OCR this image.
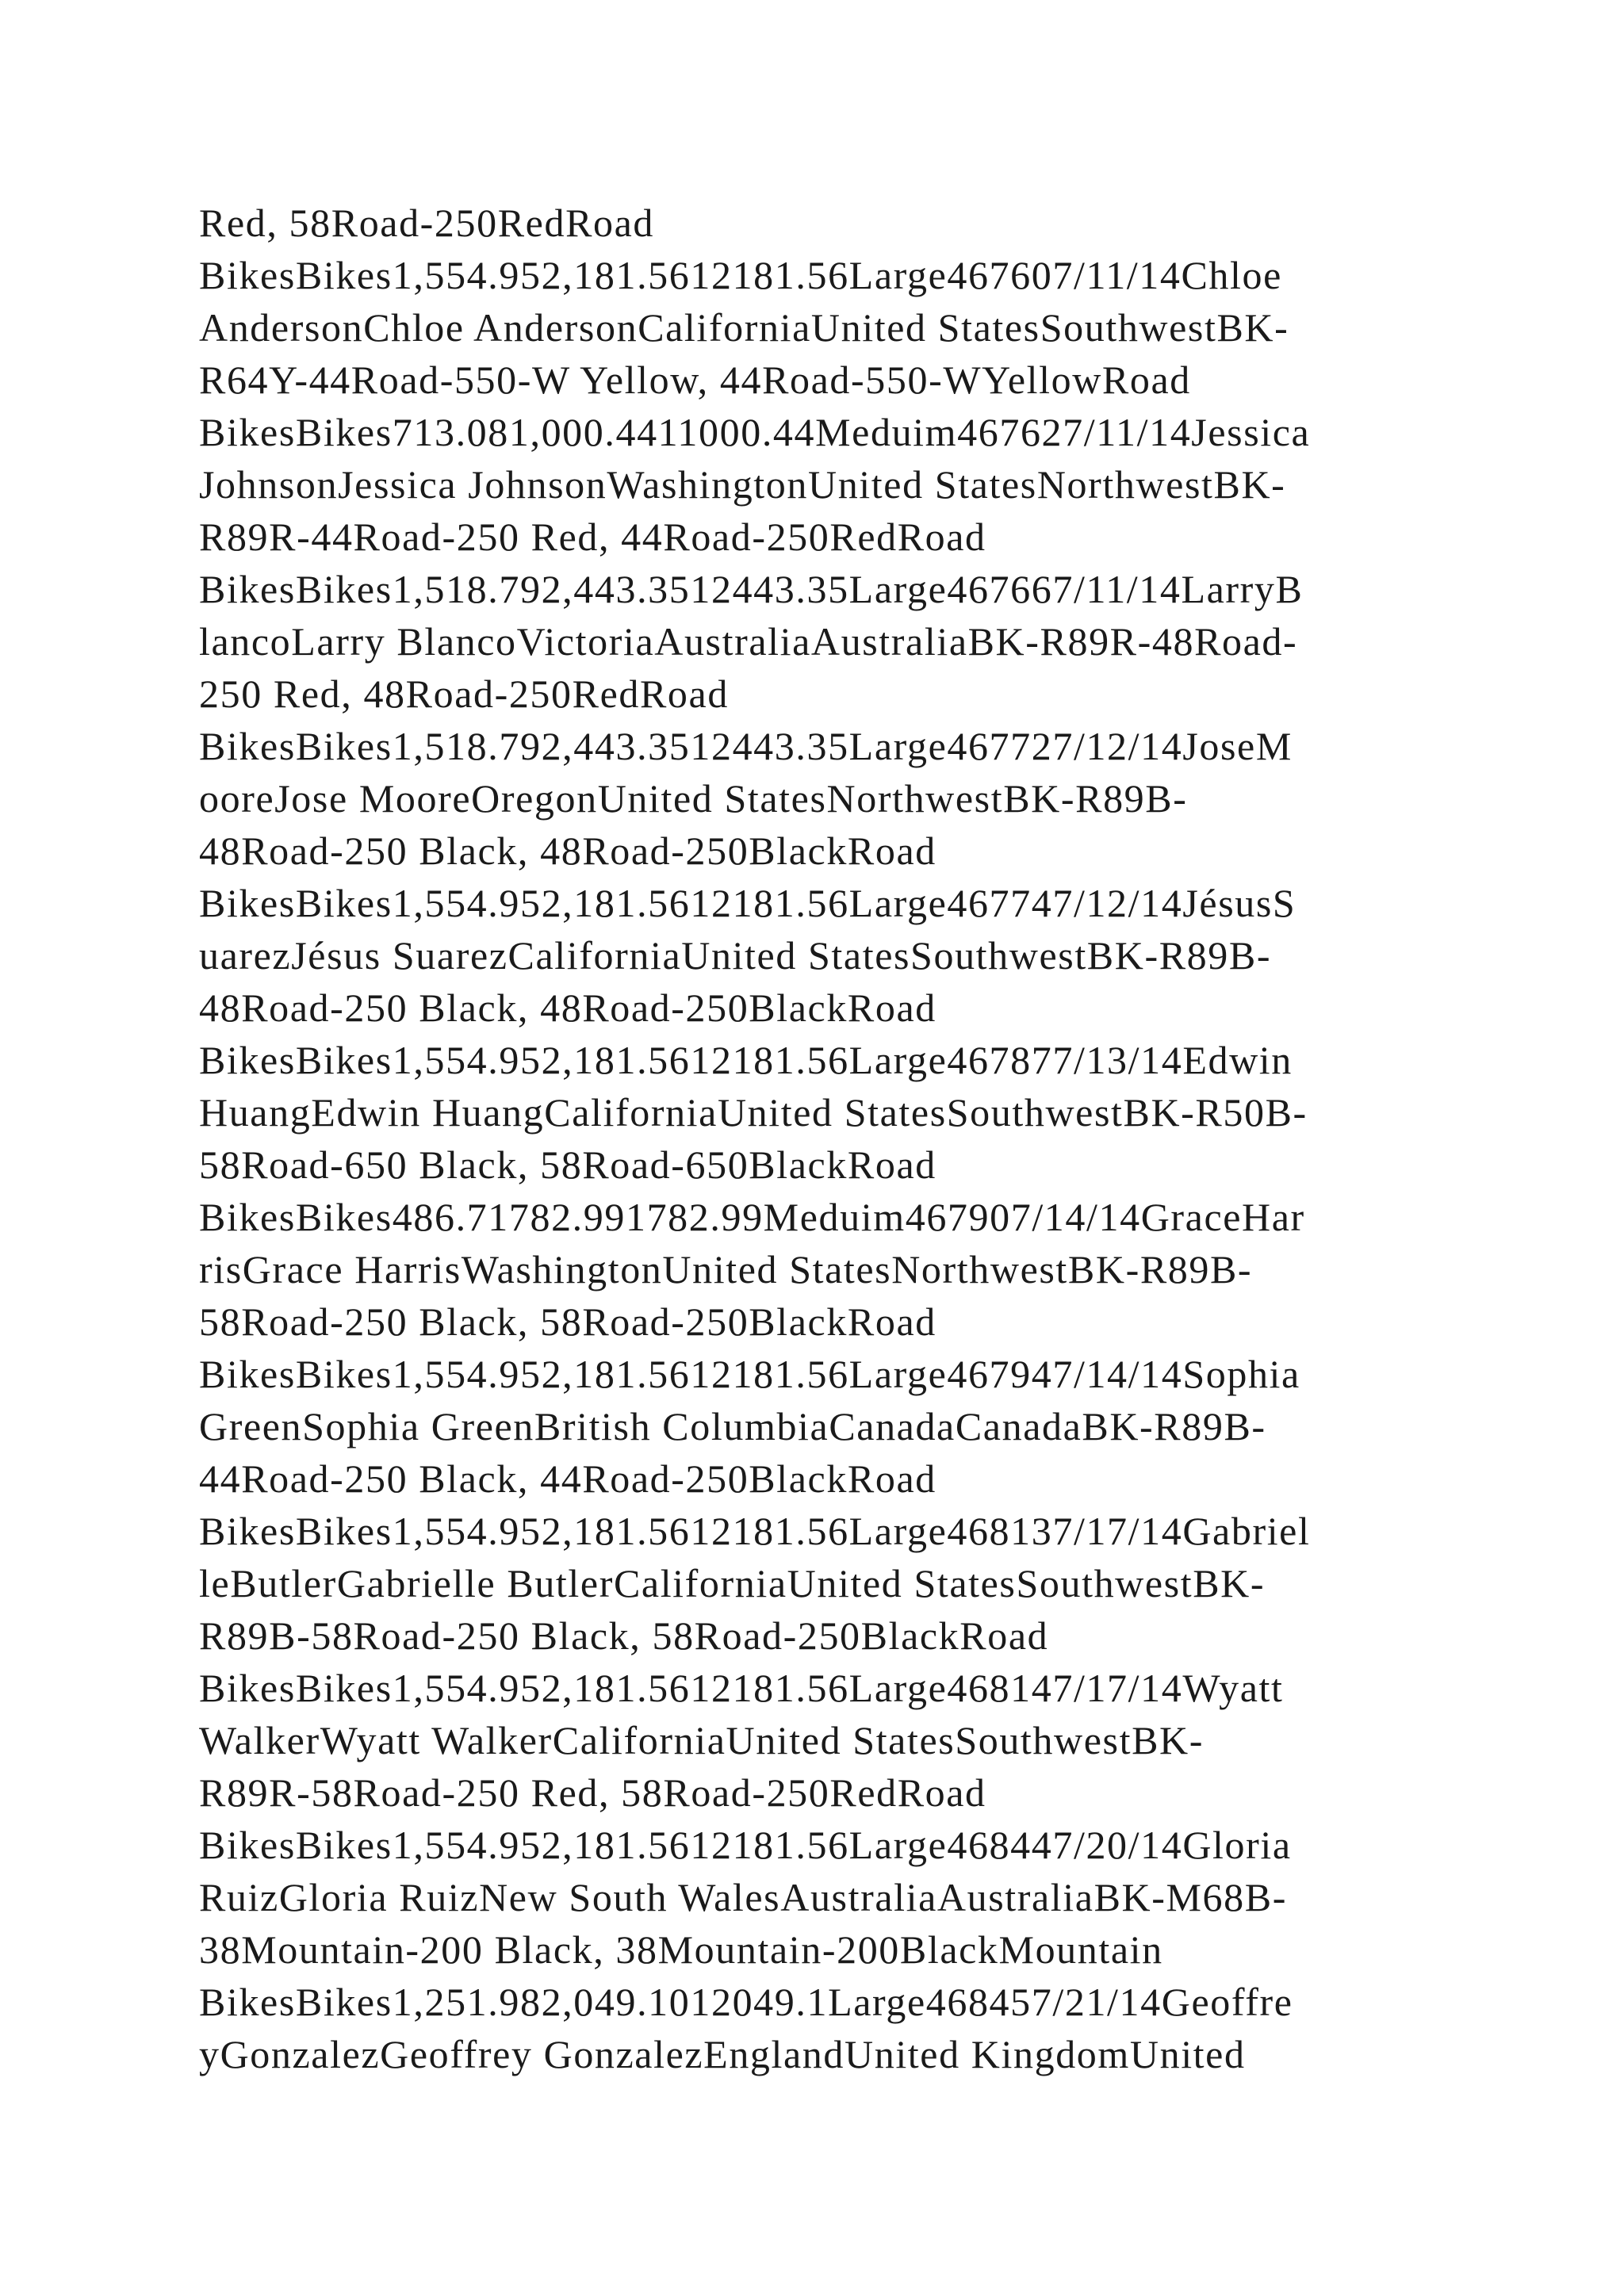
Red, 58Road-250RedRoad
BikesBikes1,554.952,181.5612181.56Large467607/11/14Chloe
AndersonChloe AndersonCaliforniaUnited StatesSouthwestBK-
R64Y-44Road-550-W Yellow, 44Road-550-WYellowRoad
BikesBikes713.081,000.4411000.44Meduim467627/11/14Jessica
JohnsonJessica JohnsonWashingtonUnited StatesNorthwestBK-
R89R-44Road-250 Red, 44Road-250RedRoad
BikesBikes1,518.792,443.3512443.35Large467667/11/14LarryB
lancoLarry BlancoVictoriaAustraliaAustraliaBK-R89R-48Road-
250 Red, 48Road-250RedRoad
BikesBikes1,518.792,443.3512443.35Large467727/12/14JoseM
ooreJose MooreOregonUnited StatesNorthwestBK-R89B-
48Road-250 Black, 48Road-250BlackRoad
BikesBikes1,554.952,181.5612181.56Large467747/12/14JésusS
uarezJésus SuarezCaliforniaUnited StatesSouthwestBK-R89B-
48Road-250 Black, 48Road-250BlackRoad
BikesBikes1,554.952,181.5612181.56Large467877/13/14Edwin
HuangEdwin HuangCaliforniaUnited StatesSouthwestBK-R50B-
58Road-650 Black, 58Road-650BlackRoad
BikesBikes486.71782.991782.99Meduim467907/14/14GraceHar
risGrace HarrisWashingtonUnited StatesNorthwestBK-R89B-
58Road-250 Black, 58Road-250BlackRoad
BikesBikes1,554.952,181.5612181.56Large467947/14/14Sophia
GreenSophia GreenBritish ColumbiaCanadaCanadaBK-R89B-
44Road-250 Black, 44Road-250BlackRoad
BikesBikes1,554.952,181.5612181.56Large468137/17/14Gabriel
leButlerGabrielle ButlerCaliforniaUnited StatesSouthwestBK-
R89B-58Road-250 Black, 58Road-250BlackRoad
BikesBikes1,554.952,181.5612181.56Large468147/17/14Wyatt
WalkerWyatt WalkerCaliforniaUnited StatesSouthwestBK-
R89R-58Road-250 Red, 58Road-250RedRoad
BikesBikes1,554.952,181.5612181.56Large468447/20/14Gloria
RuizGloria RuizNew South WalesAustraliaAustraliaBK-M68B-
38Mountain-200 Black, 38Mountain-200BlackMountain
BikesBikes1,251.982,049.1012049.1Large468457/21/14Geoffre
yGonzalezGeoffrey GonzalezEnglandUnited KingdomUnited
